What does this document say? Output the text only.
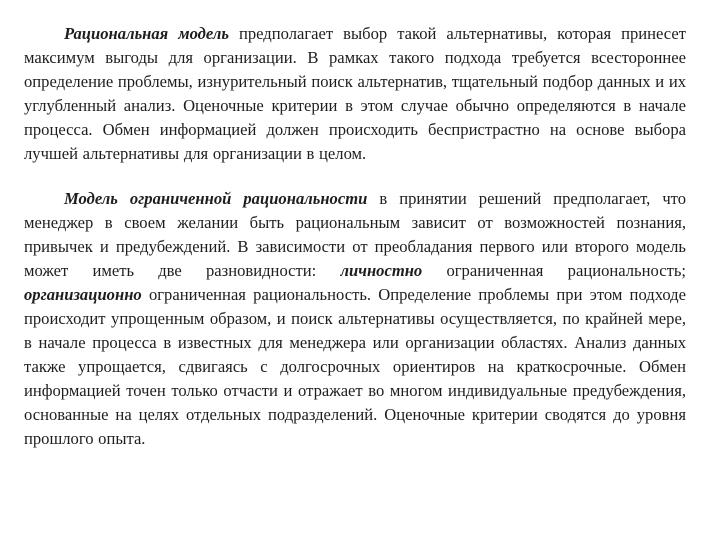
Рациональная модель предполагает выбор такой альтернативы, которая принесет максимум выгоды для организации. В рамках такого подхода требуется всестороннее определение проблемы, изнурительный поиск альтернатив, тщательный подбор данных и их углубленный анализ. Оценочные критерии в этом случае обычно определяются в начале процесса. Обмен информацией должен происходить беспристрастно на основе выбора лучшей альтернативы для организации в целом.

Модель ограниченной рациональности в принятии решений предполагает, что менеджер в своем желании быть рациональным зависит от возможностей познания, привычек и предубеждений. В зависимости от преобладания первого или второго модель может иметь две разновидности: личностно ограниченная рациональность; организационно ограниченная рациональность. Определение проблемы при этом подходе происходит упрощенным образом, и поиск альтернативы осуществляется, по крайней мере, в начале процесса в известных для менеджера или организации областях. Анализ данных также упрощается, сдвигаясь с долгосрочных ориентиров на краткосрочные. Обмен информацией точен только отчасти и отражает во многом индивидуальные предубеждения, основанные на целях отдельных подразделений. Оценочные критерии сводятся до уровня прошлого опыта.
